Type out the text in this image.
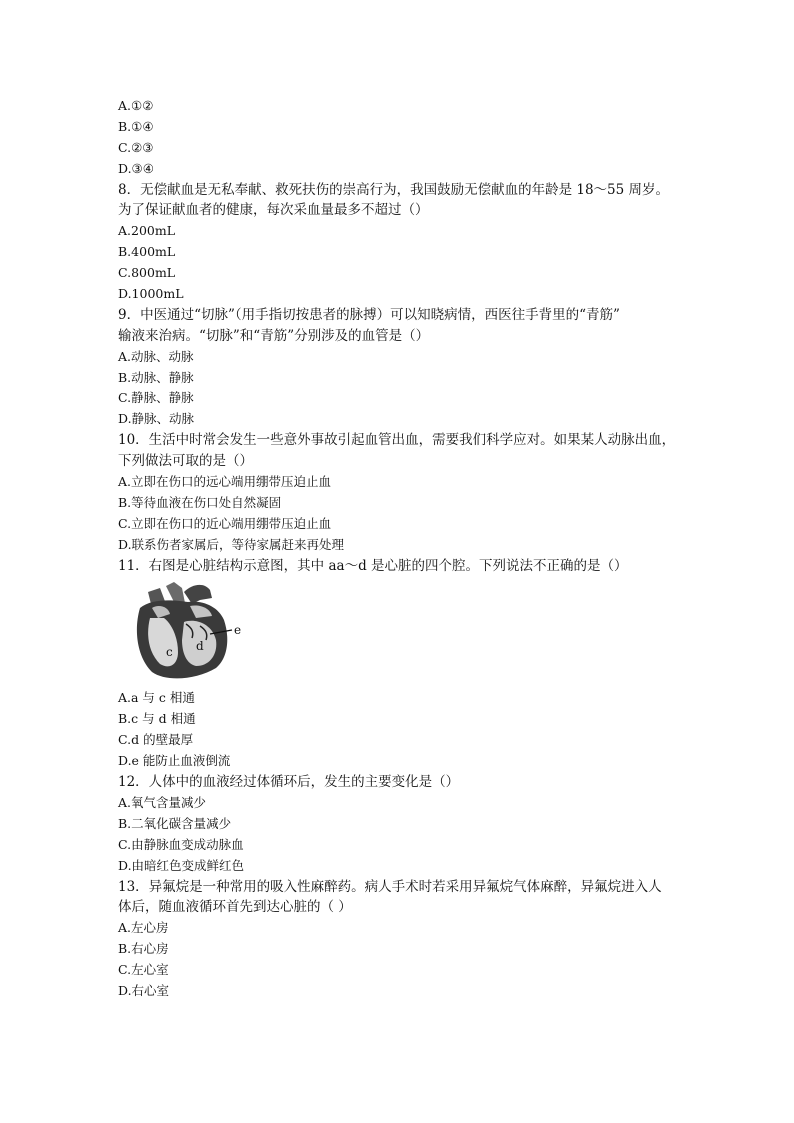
A.①②
B.①④
C.②③
D.③④
8．无偿献血是无私奉献、救死扶伤的崇高行为，我国鼓励无偿献血的年龄是 18～55 周岁。
为了保证献血者的健康，每次采血量最多不超过（）
A.200mL
B.400mL
C.800mL
D.1000mL
9．中医通过“切脉”（用手指切按患者的脉搏）可以知晓病情，西医往手背里的“青筋”
输液来治病。“切脉”和“青筋”分别涉及的血管是（）
A.动脉、动脉
B.动脉、静脉
C.静脉、静脉
D.静脉、动脉
10．生活中时常会发生一些意外事故引起血管出血，需要我们科学应对。如果某人动脉出血，
下列做法可取的是（）
A.立即在伤口的远心端用绷带压迫止血
B.等待血液在伤口处自然凝固
C.立即在伤口的近心端用绷带压迫止血
D.联系伤者家属后，等待家属赶来再处理
11．右图是心脏结构示意图，其中 aa～d 是心脏的四个腔。下列说法不正确的是（）
c d
e
A.a 与 c 相通
B.c 与 d 相通
C.d 的壁最厚
D.e 能防止血液倒流
12．人体中的血液经过体循环后，发生的主要变化是（）
A.氧气含量减少
B.二氧化碳含量减少
C.由静脉血变成动脉血
D.由暗红色变成鲜红色
13．异氟烷是一种常用的吸入性麻醉药。病人手术时若采用异氟烷气体麻醉，异氟烷进入人
体后，随血液循环首先到达心脏的（ ）
A.左心房
B.右心房
C.左心室
D.右心室
